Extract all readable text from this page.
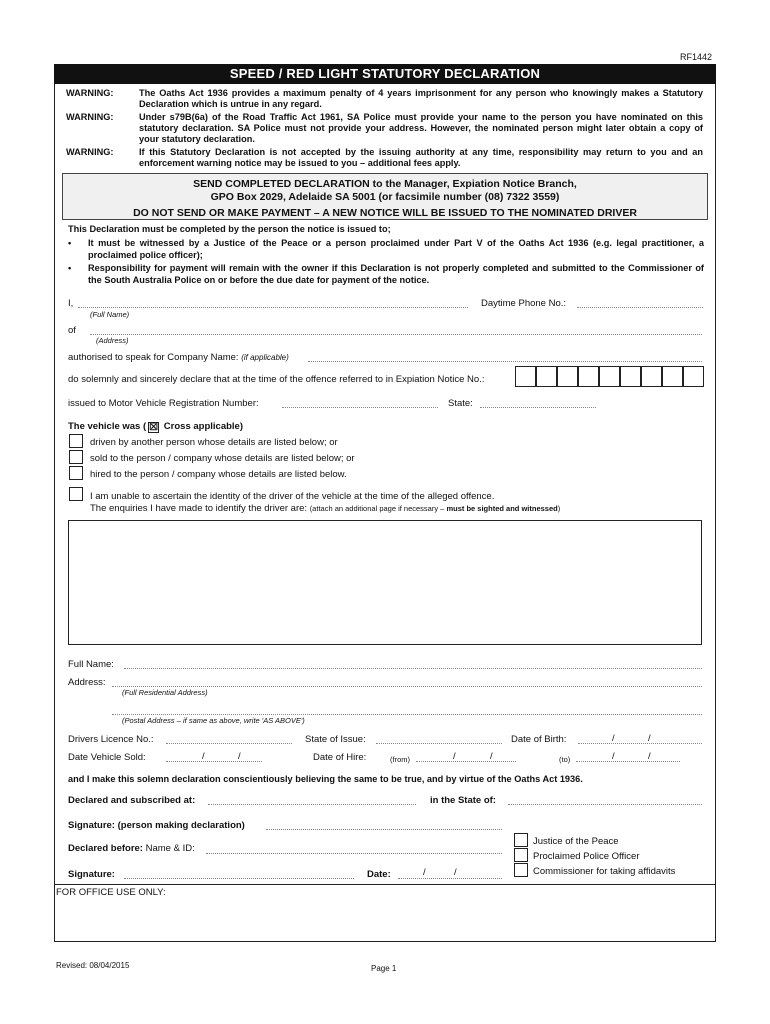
RF1442
SPEED / RED LIGHT STATUTORY DECLARATION
WARNING:	The Oaths Act 1936 provides a maximum penalty of 4 years imprisonment for any person who knowingly makes a Statutory Declaration which is untrue in any regard.
WARNING:	Under s79B(6a) of the Road Traffic Act 1961, SA Police must provide your name to the person you have nominated on this statutory declaration. SA Police must not provide your address. However, the nominated person might later obtain a copy of your statutory declaration.
WARNING:	If this Statutory Declaration is not accepted by the issuing authority at any time, responsibility may return to you and an enforcement warning notice may be issued to you – additional fees apply.
SEND COMPLETED DECLARATION to the Manager, Expiation Notice Branch,
GPO Box 2029, Adelaide SA 5001 (or facsimile number (08) 7322 3559)
DO NOT SEND OR MAKE PAYMENT – A NEW NOTICE WILL BE ISSUED TO THE NOMINATED DRIVER
This Declaration must be completed by the person the notice is issued to;
• It must be witnessed by a Justice of the Peace or a person proclaimed under Part V of the Oaths Act 1936 (e.g. legal practitioner, a proclaimed police officer);
• Responsibility for payment will remain with the owner if this Declaration is not properly completed and submitted to the Commissioner of the South Australia Police on or before the due date for payment of the notice.
I,
(Full Name)
Daytime Phone No.:
of
(Address)
authorised to speak for Company Name: (if applicable)
do solemnly and sincerely declare that at the time of the offence referred to in Expiation Notice No.:
issued to Motor Vehicle Registration Number:	State:
The vehicle was ( ☒ Cross applicable)
driven by another person whose details are listed below; or
sold to the person / company whose details are listed below; or
hired to the person / company whose details are listed below.
I am unable to ascertain the identity of the driver of the vehicle at the time of the alleged offence.
The enquiries I have made to identify the driver are: (attach an additional page if necessary – must be sighted and witnessed)
Full Name:
Address:
(Full Residential Address)
(Postal Address – if same as above, write 'AS ABOVE')
Drivers Licence No.:	State of Issue:	Date of Birth:	/	/
Date Vehicle Sold:	/	/	Date of Hire:	(from)	/	/	(to)	/	/
and I make this solemn declaration conscientiously believing the same to be true, and by virtue of the Oaths Act 1936.
Declared and subscribed at:	in the State of:
Signature: (person making declaration)
Declared before: Name & ID:
Signature:	Date:	/	/
Justice of the Peace
Proclaimed Police Officer
Commissioner for taking affidavits
FOR OFFICE USE ONLY:
Revised: 08/04/2015	Page 1
